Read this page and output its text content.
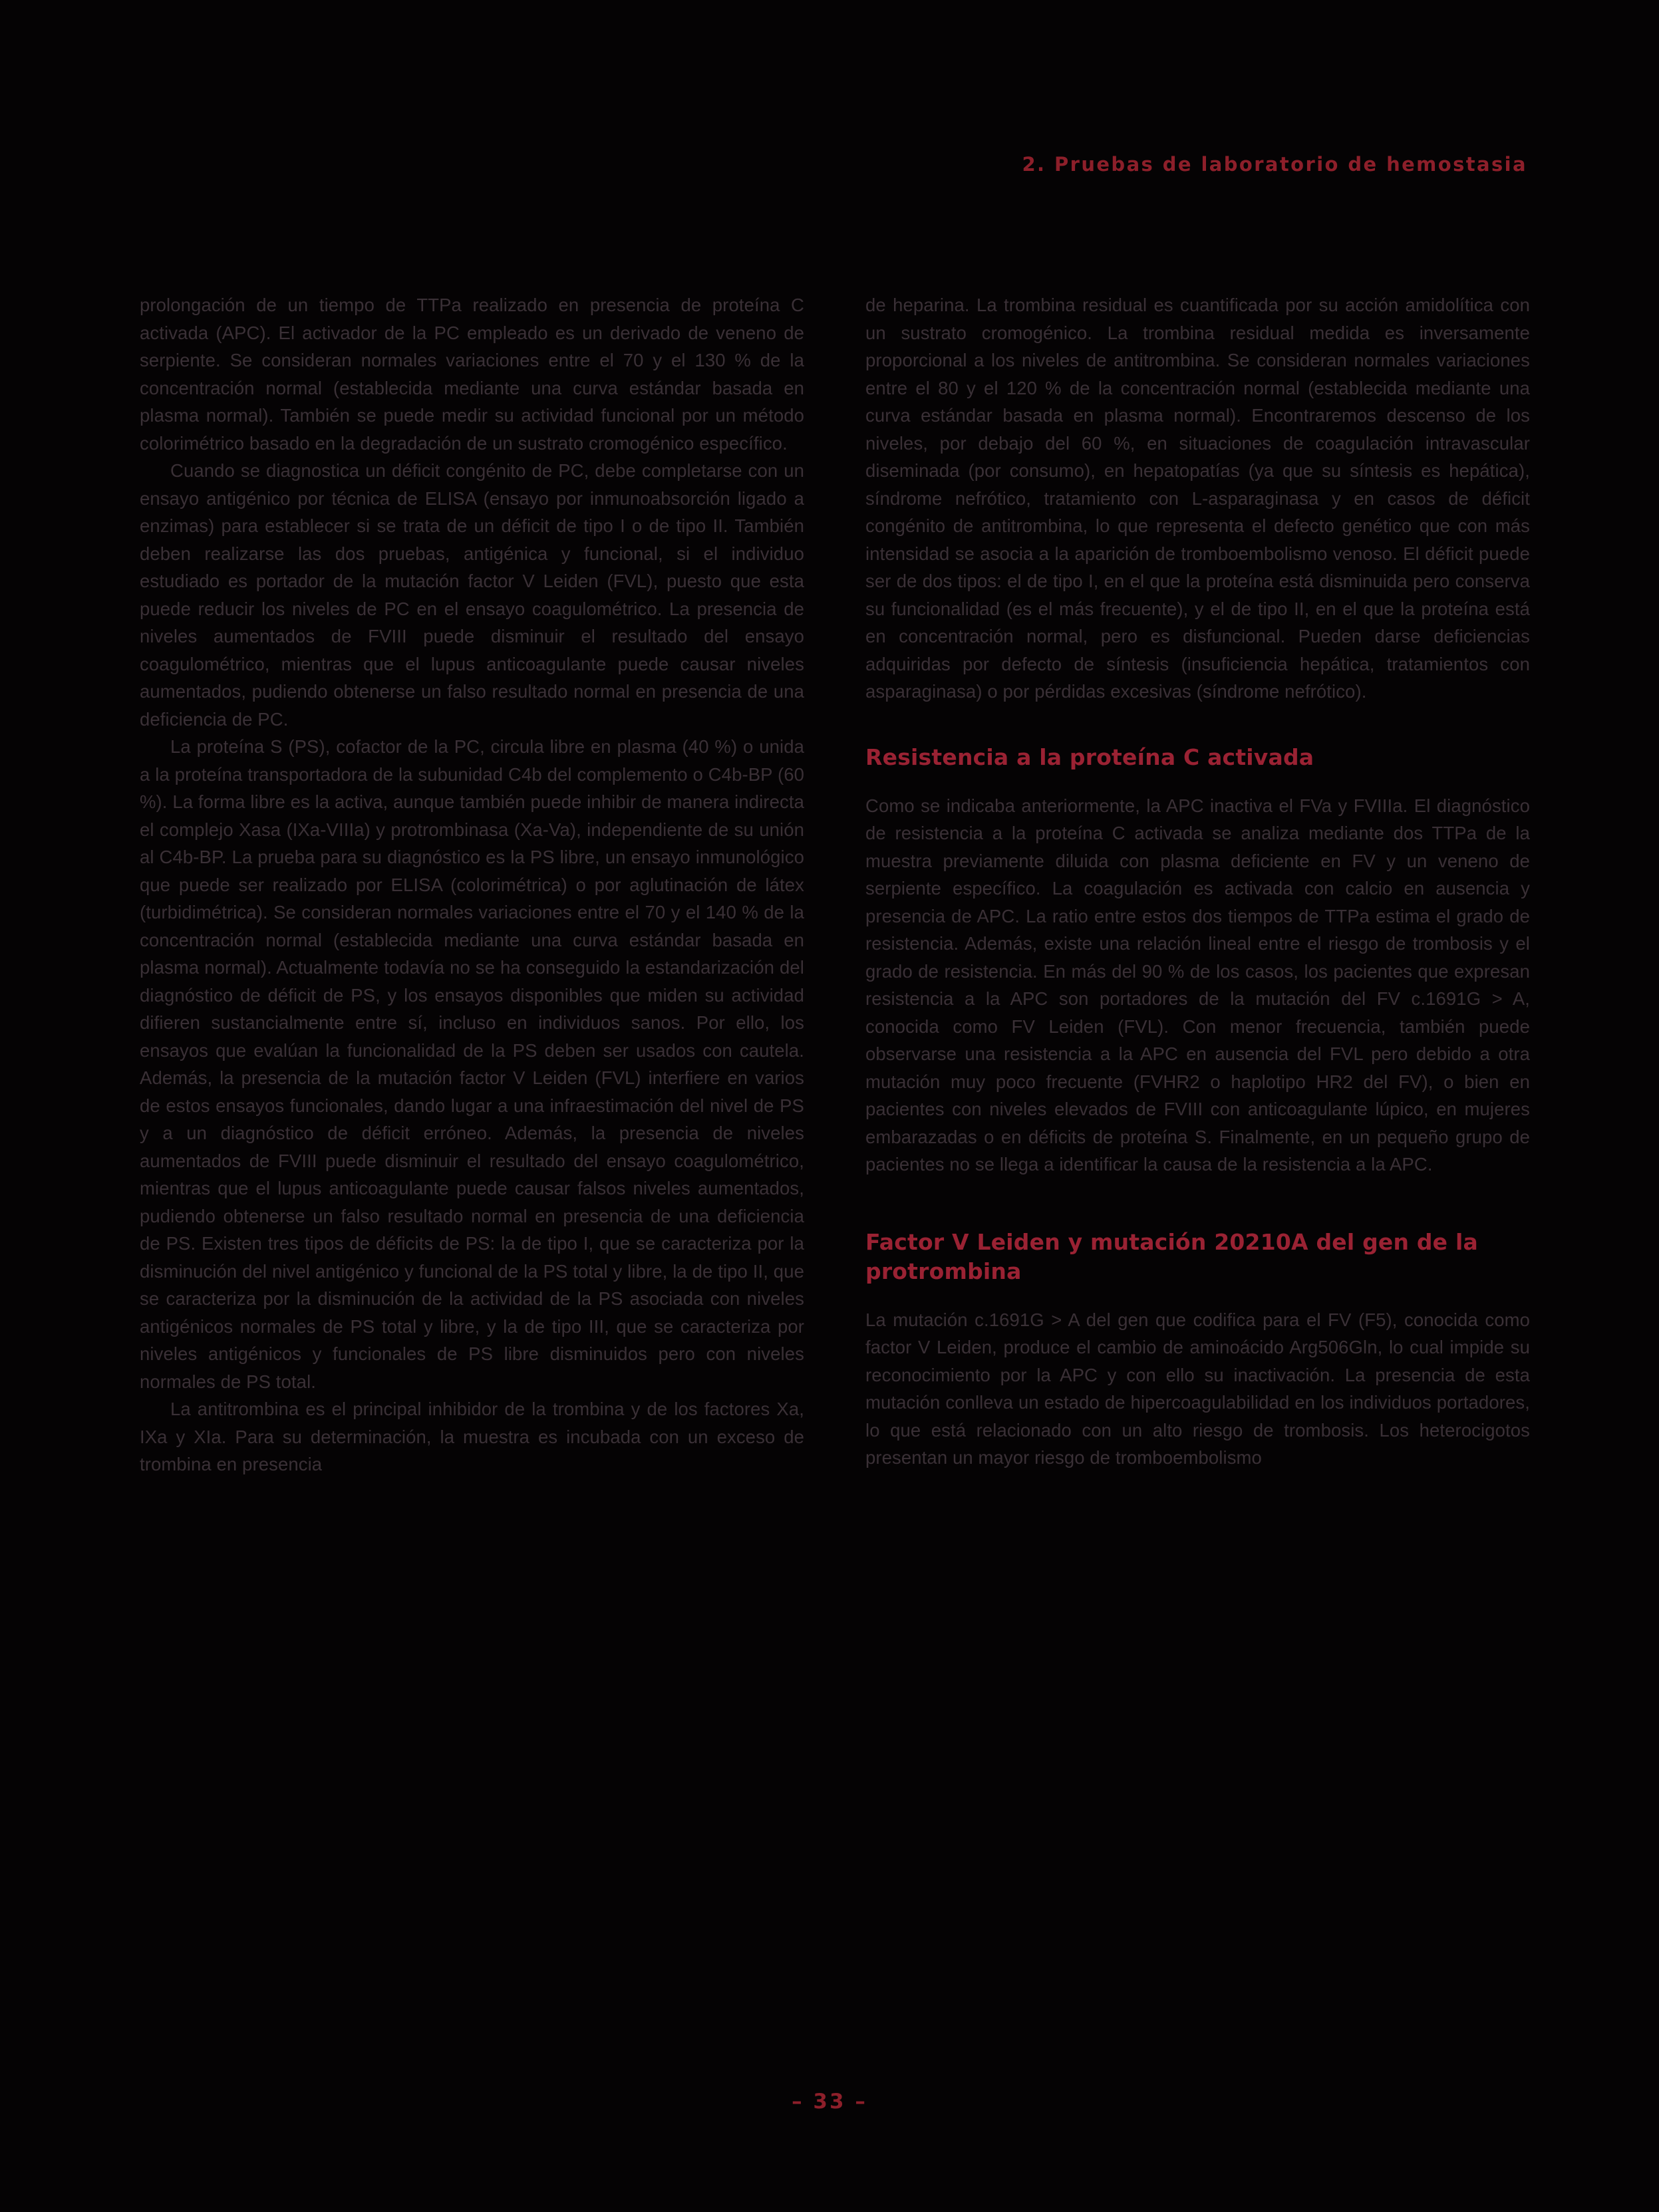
2. Pruebas de laboratorio de hemostasia

prolongación de un tiempo de TTPa realizado en presencia de proteína C activada (APC). El activador de la PC empleado es un derivado de veneno de serpiente. Se consideran normales variaciones entre el 70 y el 130 % de la concentración normal (establecida mediante una curva estándar basada en plasma normal). También se puede medir su actividad funcional por un método colorimétrico basado en la degradación de un sustrato cromogénico específico.

Cuando se diagnostica un déficit congénito de PC, debe completarse con un ensayo antigénico por técnica de ELISA (ensayo por inmunoabsorción ligado a enzimas) para establecer si se trata de un déficit de tipo I o de tipo II. También deben realizarse las dos pruebas, antigénica y funcional, si el individuo estudiado es portador de la mutación factor V Leiden (FVL), puesto que esta puede reducir los niveles de PC en el ensayo coagulométrico. La presencia de niveles aumentados de FVIII puede disminuir el resultado del ensayo coagulométrico, mientras que el lupus anticoagulante puede causar niveles aumentados, pudiendo obtenerse un falso resultado normal en presencia de una deficiencia de PC.

La proteína S (PS), cofactor de la PC, circula libre en plasma (40 %) o unida a la proteína transportadora de la subunidad C4b del complemento o C4b-BP (60 %). La forma libre es la activa, aunque también puede inhibir de manera indirecta el complejo Xasa (IXa-VIIIa) y protrombinasa (Xa-Va), independiente de su unión al C4b-BP. La prueba para su diagnóstico es la PS libre, un ensayo inmunológico que puede ser realizado por ELISA (colorimétrica) o por aglutinación de látex (turbidimétrica). Se consideran normales variaciones entre el 70 y el 140 % de la concentración normal (establecida mediante una curva estándar basada en plasma normal). Actualmente todavía no se ha conseguido la estandarización del diagnóstico de déficit de PS, y los ensayos disponibles que miden su actividad difieren sustancialmente entre sí, incluso en individuos sanos. Por ello, los ensayos que evalúan la funcionalidad de la PS deben ser usados con cautela. Además, la presencia de la mutación factor V Leiden (FVL) interfiere en varios de estos ensayos funcionales, dando lugar a una infraestimación del nivel de PS y a un diagnóstico de déficit erróneo. Además, la presencia de niveles aumentados de FVIII puede disminuir el resultado del ensayo coagulométrico, mientras que el lupus anticoagulante puede causar falsos niveles aumentados, pudiendo obtenerse un falso resultado normal en presencia de una deficiencia de PS. Existen tres tipos de déficits de PS: la de tipo I, que se caracteriza por la disminución del nivel antigénico y funcional de la PS total y libre, la de tipo II, que se caracteriza por la disminución de la actividad de la PS asociada con niveles antigénicos normales de PS total y libre, y la de tipo III, que se caracteriza por niveles antigénicos y funcionales de PS libre disminuidos pero con niveles normales de PS total.

La antitrombina es el principal inhibidor de la trombina y de los factores Xa, IXa y XIa. Para su determinación, la muestra es incubada con un exceso de trombina en presencia

de heparina. La trombina residual es cuantificada por su acción amidolítica con un sustrato cromogénico. La trombina residual medida es inversamente proporcional a los niveles de antitrombina. Se consideran normales variaciones entre el 80 y el 120 % de la concentración normal (establecida mediante una curva estándar basada en plasma normal). Encontraremos descenso de los niveles, por debajo del 60 %, en situaciones de coagulación intravascular diseminada (por consumo), en hepatopatías (ya que su síntesis es hepática), síndrome nefrótico, tratamiento con L-asparaginasa y en casos de déficit congénito de antitrombina, lo que representa el defecto genético que con más intensidad se asocia a la aparición de tromboembolismo venoso. El déficit puede ser de dos tipos: el de tipo I, en el que la proteína está disminuida pero conserva su funcionalidad (es el más frecuente), y el de tipo II, en el que la proteína está en concentración normal, pero es disfuncional. Pueden darse deficiencias adquiridas por defecto de síntesis (insuficiencia hepática, tratamientos con asparaginasa) o por pérdidas excesivas (síndrome nefrótico).

Resistencia a la proteína C activada

Como se indicaba anteriormente, la APC inactiva el FVa y FVIIIa. El diagnóstico de resistencia a la proteína C activada se analiza mediante dos TTPa de la muestra previamente diluida con plasma deficiente en FV y un veneno de serpiente específico. La coagulación es activada con calcio en ausencia y presencia de APC. La ratio entre estos dos tiempos de TTPa estima el grado de resistencia. Además, existe una relación lineal entre el riesgo de trombosis y el grado de resistencia. En más del 90 % de los casos, los pacientes que expresan resistencia a la APC son portadores de la mutación del FV c.1691G > A, conocida como FV Leiden (FVL). Con menor frecuencia, también puede observarse una resistencia a la APC en ausencia del FVL pero debido a otra mutación muy poco frecuente (FVHR2 o haplotipo HR2 del FV), o bien en pacientes con niveles elevados de FVIII con anticoagulante lúpico, en mujeres embarazadas o en déficits de proteína S. Finalmente, en un pequeño grupo de pacientes no se llega a identificar la causa de la resistencia a la APC.

Factor V Leiden y mutación 20210A del gen de la protrombina

La mutación c.1691G > A del gen que codifica para el FV (F5), conocida como factor V Leiden, produce el cambio de aminoácido Arg506Gln, lo cual impide su reconocimiento por la APC y con ello su inactivación. La presencia de esta mutación conlleva un estado de hipercoagulabilidad en los individuos portadores, lo que está relacionado con un alto riesgo de trombosis. Los heterocigotos presentan un mayor riesgo de tromboembolismo

– 33 –
